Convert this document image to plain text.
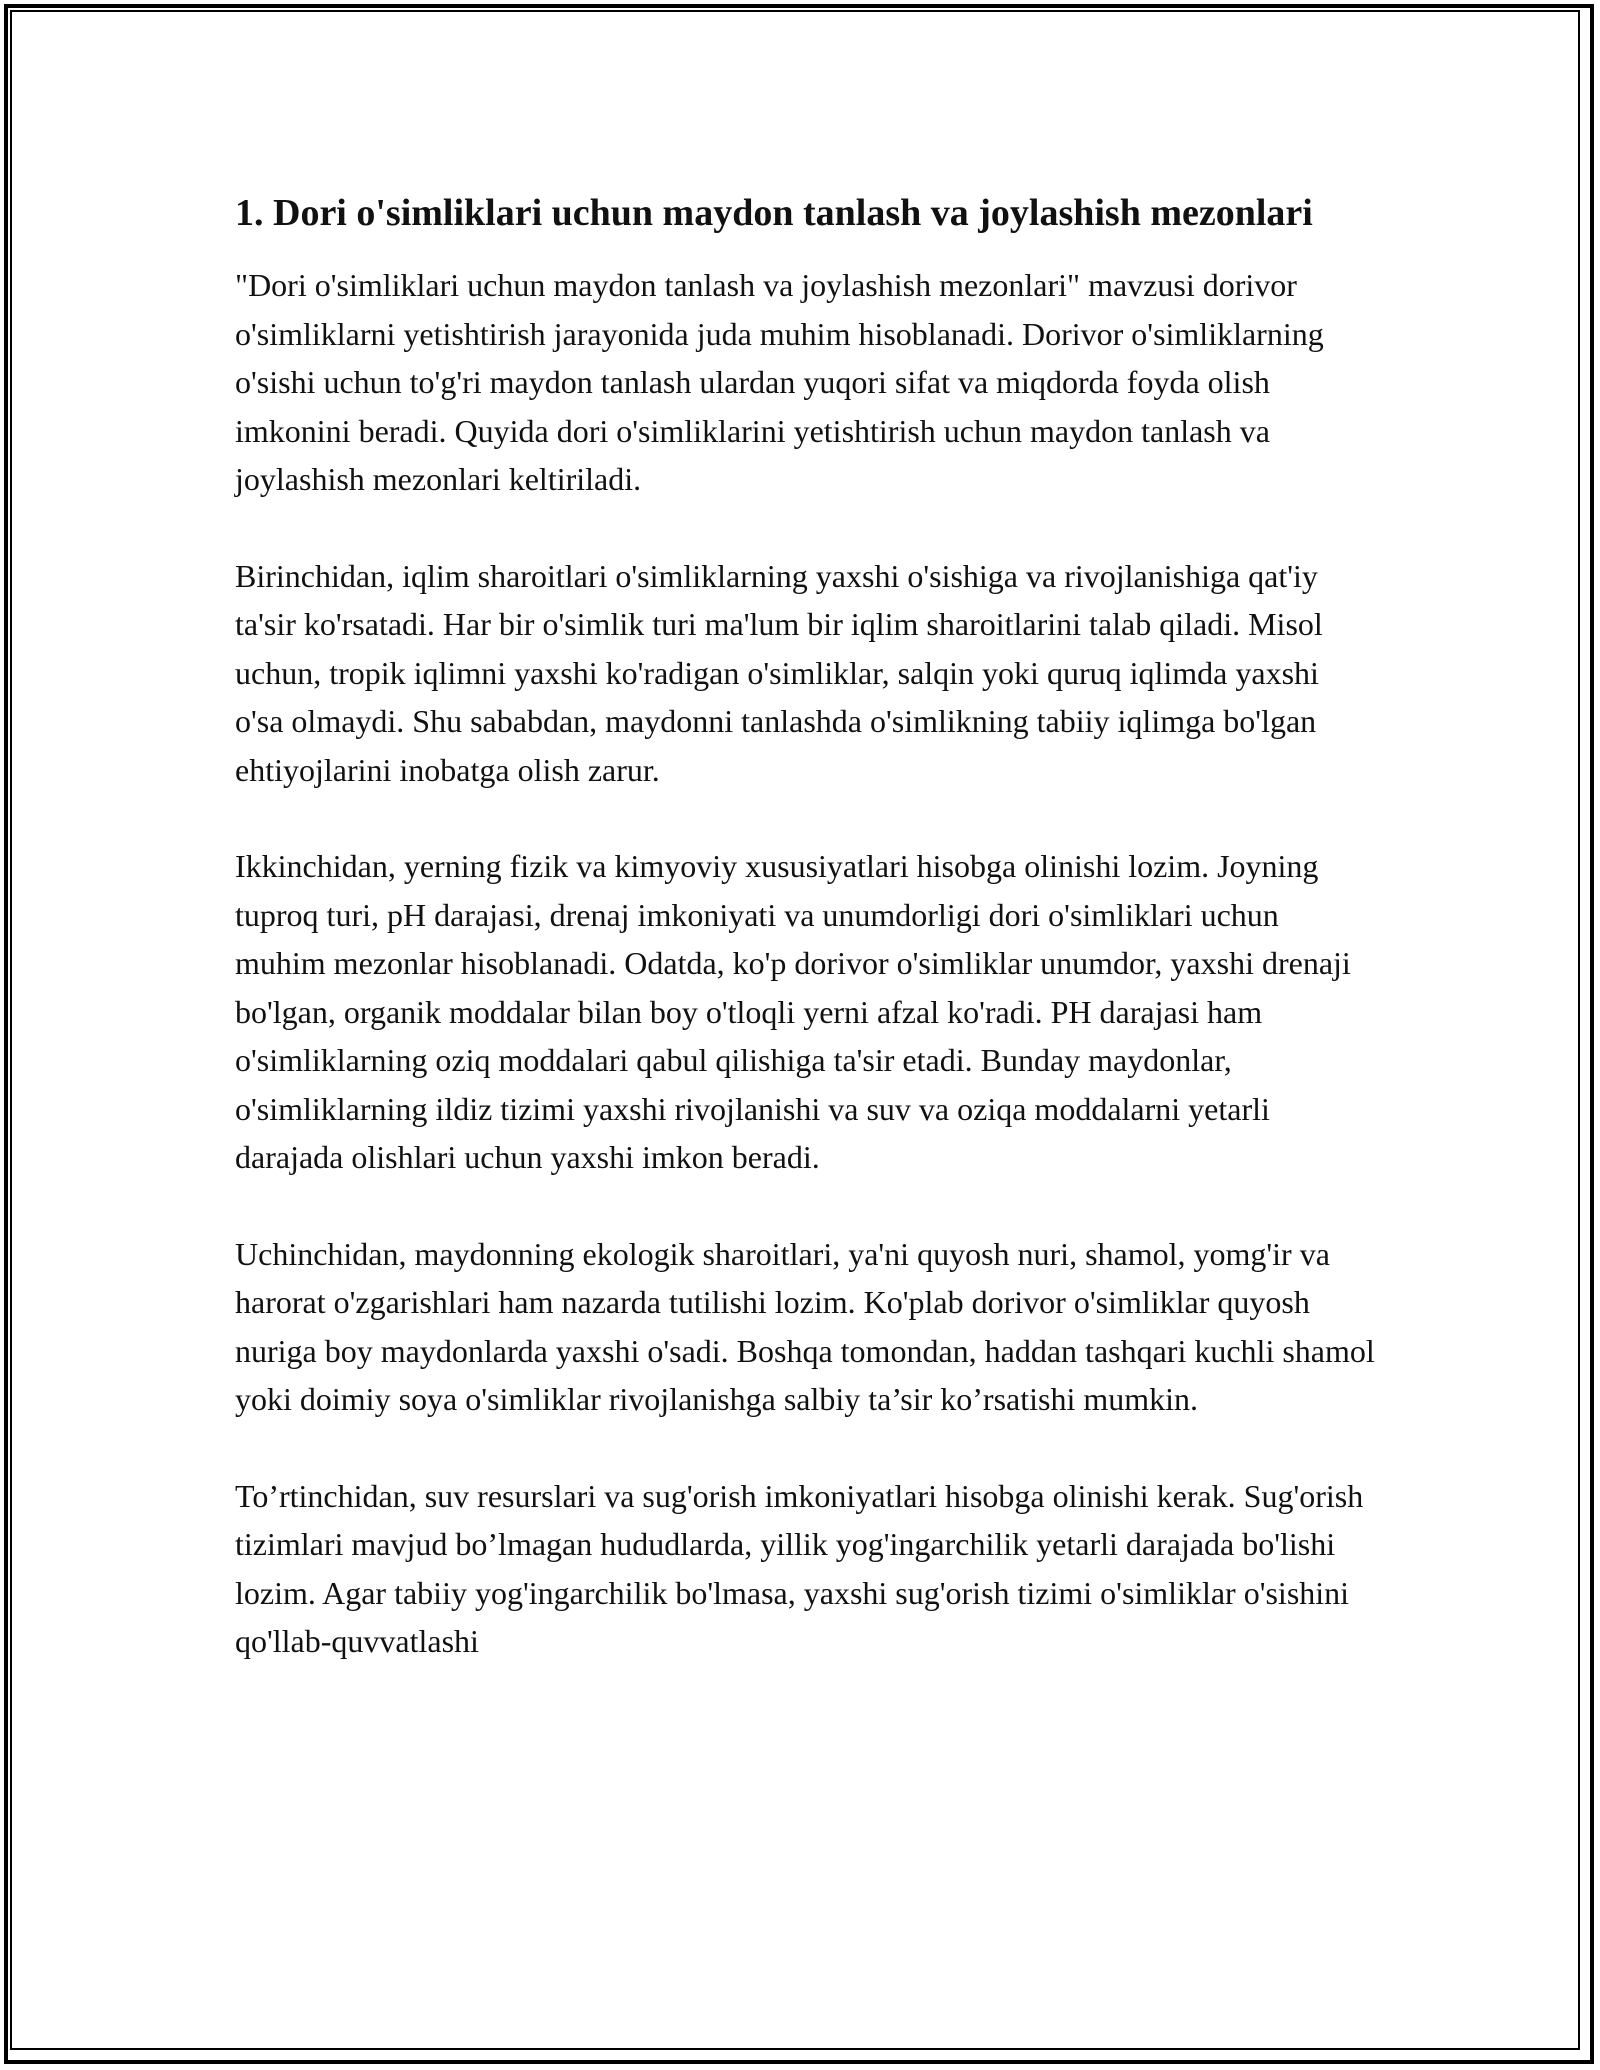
1. Dori o'simliklari uchun maydon tanlash va joylashish mezonlari

"Dori o'simliklari uchun maydon tanlash va joylashish mezonlari" mavzusi dorivor o'simliklarni yetishtirish jarayonida juda muhim hisoblanadi. Dorivor o'simliklarning o'sishi uchun to'g'ri maydon tanlash ulardan yuqori sifat va miqdorda foyda olish imkonini beradi. Quyida dori o'simliklarini yetishtirish uchun maydon tanlash va joylashish mezonlari keltiriladi.

Birinchidan, iqlim sharoitlari o'simliklarning yaxshi o'sishiga va rivojlanishiga qat'iy ta'sir ko'rsatadi. Har bir o'simlik turi ma'lum bir iqlim sharoitlarini talab qiladi. Misol uchun, tropik iqlimni yaxshi ko'radigan o'simliklar, salqin yoki quruq iqlimda yaxshi o'sa olmaydi. Shu sababdan, maydonni tanlashda o'simlikning tabiiy iqlimga bo'lgan ehtiyojlarini inobatga olish zarur.

Ikkinchidan, yerning fizik va kimyoviy xususiyatlari hisobga olinishi lozim. Joyning tuproq turi, pH darajasi, drenaj imkoniyati va unumdorligi dori o'simliklari uchun muhim mezonlar hisoblanadi. Odatda, ko'p dorivor o'simliklar unumdor, yaxshi drenaji bo'lgan, organik moddalar bilan boy o'tloqli yerni afzal ko'radi. PH darajasi ham o'simliklarning oziq moddalari qabul qilishiga ta'sir etadi. Bunday maydonlar, o'simliklarning ildiz tizimi yaxshi rivojlanishi va suv va oziqa moddalarni yetarli darajada olishlari uchun yaxshi imkon beradi.

Uchinchidan, maydonning ekologik sharoitlari, ya'ni quyosh nuri, shamol, yomg'ir va harorat o'zgarishlari ham nazarda tutilishi lozim. Ko'plab dorivor o'simliklar quyosh nuriga boy maydonlarda yaxshi o'sadi. Boshqa tomondan, haddan tashqari kuchli shamol yoki doimiy soya o'simliklar rivojlanishga salbiy ta’sir ko’rsatishi mumkin.

To’rtinchidan, suv resurslari va sug'orish imkoniyatlari hisobga olinishi kerak. Sug'orish tizimlari mavjud bo’lmagan hududlarda, yillik yog'ingarchilik yetarli darajada bo'lishi lozim. Agar tabiiy yog'ingarchilik bo'lmasa, yaxshi sug'orish tizimi o'simliklar o'sishini qo'llab-quvvatlashi
